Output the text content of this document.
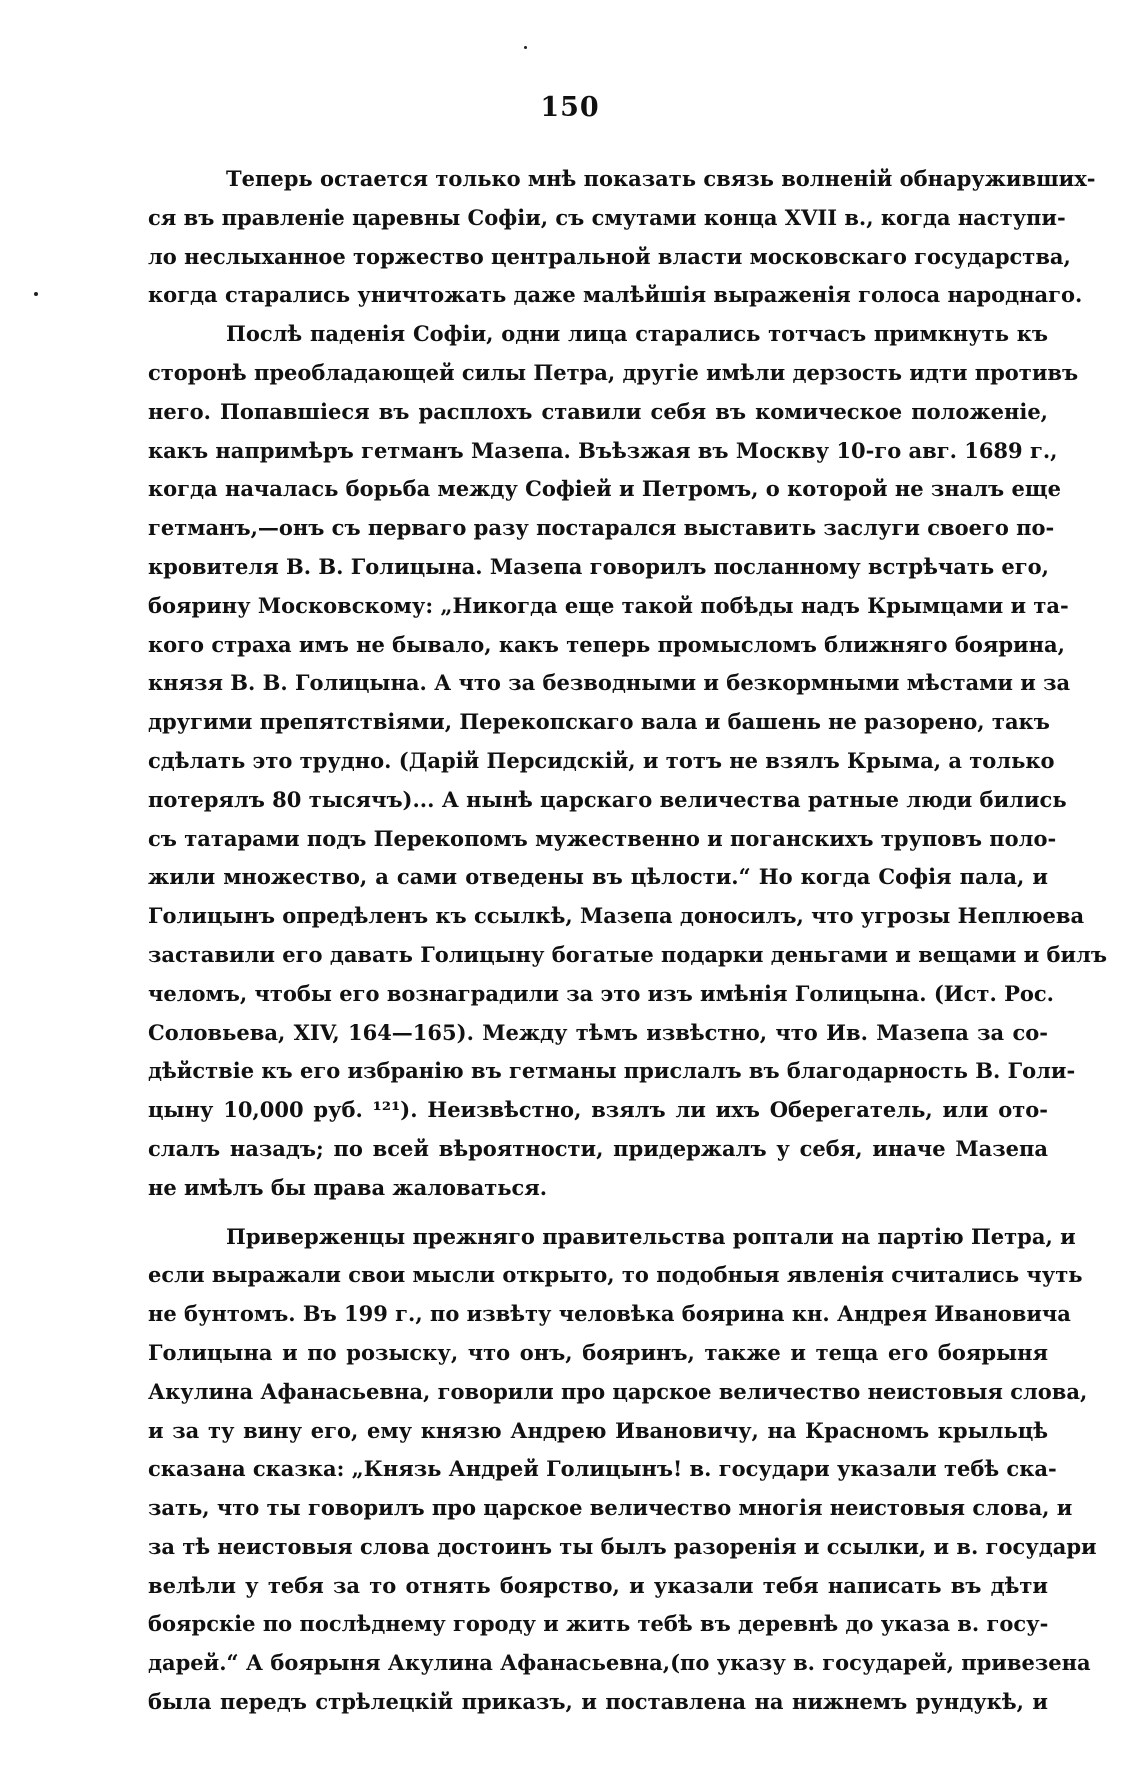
150
Теперь остается только мнѣ показать связь волненій обнаруживших-
ся въ правленіе царевны Софіи, съ смутами конца XVII в., когда наступи-
ло неслыханное торжество центральной власти московскаго государства,
когда старались уничтожать даже малѣйшія выраженія голоса народнаго.
Послѣ паденія Софіи, одни лица старались тотчасъ примкнуть къ
сторонѣ преобладающей силы Петра, другіе имѣли дерзость идти противъ
него. Попавшіеся въ расплохъ ставили себя въ комическое положеніе,
какъ напримѣръ гетманъ Мазепа. Въѣзжая въ Москву 10-го авг. 1689 г.,
когда началась борьба между Софіей и Петромъ, о которой не зналъ еще
гетманъ,—онъ съ перваго разу постарался выставить заслуги своего по-
кровителя В. В. Голицына. Мазепа говорилъ посланному встрѣчать его,
боярину Московскому: „Никогда еще такой побѣды надъ Крымцами и та-
кого страха имъ не бывало, какъ теперь промысломъ ближняго боярина,
князя В. В. Голицына. А что за безводными и безкормными мѣстами и за
другими препятствіями, Перекопскаго вала и башень не разорено, такъ
сдѣлать это трудно. (Дарій Персидскій, и тотъ не взялъ Крыма, а только
потерялъ 80 тысячъ)... А нынѣ царскаго величества ратные люди бились
съ татарами подъ Перекопомъ мужественно и поганскихъ труповъ поло-
жили множество, а сами отведены въ цѣлости.“ Но когда Софія пала, и
Голицынъ опредѣленъ къ ссылкѣ, Мазепа доносилъ, что угрозы Неплюева
заставили его давать Голицыну богатые подарки деньгами и вещами и билъ
челомъ, чтобы его вознаградили за это изъ имѣнія Голицына. (Ист. Рос.
Соловьева, XIV, 164—165). Между тѣмъ извѣстно, что Ив. Мазепа за со-
дѣйствіе къ его избранію въ гетманы прислалъ въ благодарность В. Голи-
цыну 10,000 руб. ¹²¹). Неизвѣстно, взялъ ли ихъ Оберегатель, или ото-
слалъ назадъ; по всей вѣроятности, придержалъ у себя, иначе Мазепа
не имѣлъ бы права жаловаться.
Приверженцы прежняго правительства роптали на партію Петра, и
если выражали свои мысли открыто, то подобныя явленія считались чуть
не бунтомъ. Въ 199 г., по извѣту человѣка боярина кн. Андрея Ивановича
Голицына и по розыску, что онъ, бояринъ, также и теща его боярыня
Акулина Афанасьевна, говорили про царское величество неистовыя слова,
и за ту вину его, ему князю Андрею Ивановичу, на Красномъ крыльцѣ
сказана сказка: „Князь Андрей Голицынъ! в. государи указали тебѣ ска-
зать, что ты говорилъ про царское величество многія неистовыя слова, и
за тѣ неистовыя слова достоинъ ты былъ разоренія и ссылки, и в. государи
велѣли у тебя за то отнять боярство, и указали тебя написать въ дѣти
боярскіе по послѣднему городу и жить тебѣ въ деревнѣ до указа в. госу-
дарей.“ А боярыня Акулина Афанасьевна,(по указу в. государей, привезена
была передъ стрѣлецкій приказъ, и поставлена на нижнемъ рундукѣ, и
